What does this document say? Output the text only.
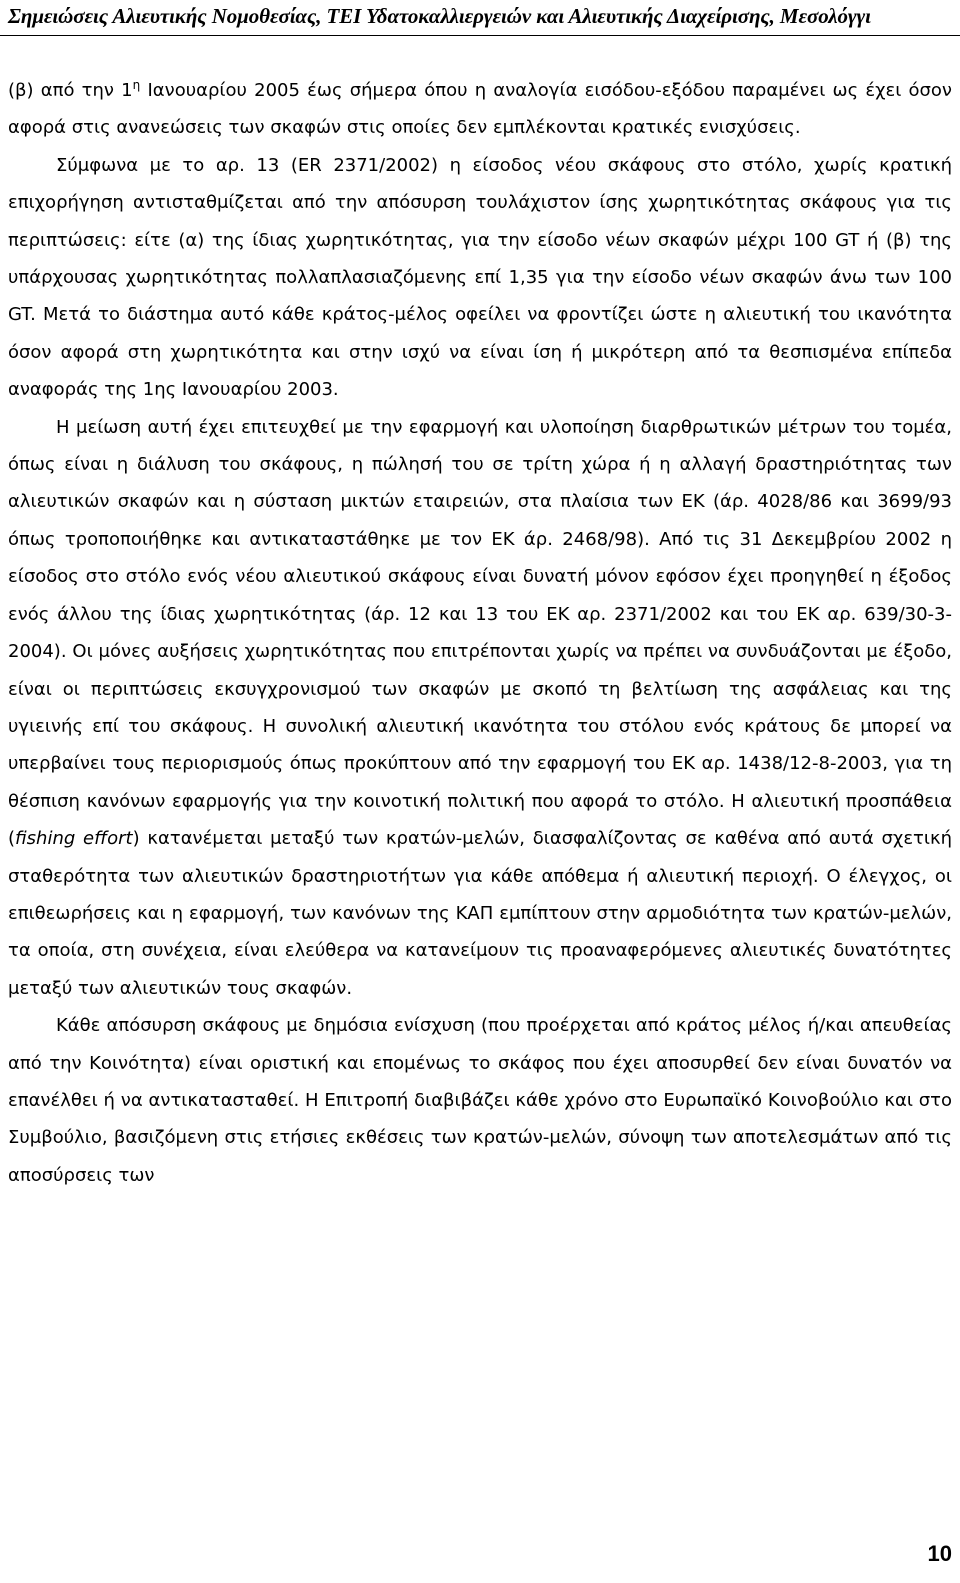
Σημειώσεις Αλιευτικής Νομοθεσίας, ΤΕΙ Υδατοκαλλιεργειών και Αλιευτικής Διαχείρισης, Μεσολόγγι

(β) από την $1^\eta$ Ιανουαρίου 2005 έως σήμερα όπου η αναλογία εισόδου-εξόδου παραμένει ως έχει όσον αφορά στις ανανεώσεις των σκαφών στις οποίες δεν εμπλέκονται κρατικές ενισχύσεις.

Σύμφωνα με το αρ. 13 (ER 2371/2002) η είσοδος νέου σκάφους στο στόλο, χωρίς κρατική επιχορήγηση αντισταθμίζεται από την απόσυρση τουλάχιστον ίσης χωρητικότητας σκάφους για τις περιπτώσεις: είτε (α) της ίδιας χωρητικότητας, για την είσοδο νέων σκαφών μέχρι 100 GT ή (β) της υπάρχουσας χωρητικότητας πολλαπλασιαζόμενης επί 1,35 για την είσοδο νέων σκαφών άνω των 100 GT. Μετά το διάστημα αυτό κάθε κράτος-μέλος οφείλει να φροντίζει ώστε η αλιευτική του ικανότητα όσον αφορά στη χωρητικότητα και στην ισχύ να είναι ίση ή μικρότερη από τα θεσπισμένα επίπεδα αναφοράς της 1ης Ιανουαρίου 2003.

Η μείωση αυτή έχει επιτευχθεί με την εφαρμογή και υλοποίηση διαρθρωτικών μέτρων του τομέα, όπως είναι η διάλυση του σκάφους, η πώλησή του σε τρίτη χώρα ή η αλλαγή δραστηριότητας των αλιευτικών σκαφών και η σύσταση μικτών εταιρειών, στα πλαίσια των ΕΚ (άρ. 4028/86 και 3699/93 όπως τροποποιήθηκε και αντικαταστάθηκε με τον ΕΚ άρ. 2468/98). Από τις 31 Δεκεμβρίου 2002 η είσοδος στο στόλο ενός νέου αλιευτικού σκάφους είναι δυνατή μόνον εφόσον έχει προηγηθεί η έξοδος ενός άλλου της ίδιας χωρητικότητας (άρ. 12 και 13 του ΕΚ αρ. 2371/2002 και του ΕΚ αρ. 639/30-3-2004). Οι μόνες αυξήσεις χωρητικότητας που επιτρέπονται χωρίς να πρέπει να συνδυάζονται με έξοδο, είναι οι περιπτώσεις εκσυγχρονισμού των σκαφών με σκοπό τη βελτίωση της ασφάλειας και της υγιεινής επί του σκάφους. Η συνολική αλιευτική ικανότητα του στόλου ενός κράτους δε μπορεί να υπερβαίνει τους περιορισμούς όπως προκύπτουν από την εφαρμογή του ΕΚ αρ. 1438/12-8-2003, για τη θέσπιση κανόνων εφαρμογής για την κοινοτική πολιτική που αφορά το στόλο. Η αλιευτική προσπάθεια (fishing effort) κατανέμεται μεταξύ των κρατών-μελών, διασφαλίζοντας σε καθένα από αυτά σχετική σταθερότητα των αλιευτικών δραστηριοτήτων για κάθε απόθεμα ή αλιευτική περιοχή. Ο έλεγχος, οι επιθεωρήσεις και η εφαρμογή, των κανόνων της ΚΑΠ εμπίπτουν στην αρμοδιότητα των κρατών-μελών, τα οποία, στη συνέχεια, είναι ελεύθερα να κατανείμουν τις προαναφερόμενες αλιευτικές δυνατότητες μεταξύ των αλιευτικών τους σκαφών.

Κάθε απόσυρση σκάφους με δημόσια ενίσχυση (που προέρχεται από κράτος μέλος ή/και απευθείας από την Κοινότητα) είναι οριστική και επομένως το σκάφος που έχει αποσυρθεί δεν είναι δυνατόν να επανέλθει ή να αντικατασταθεί. Η Επιτροπή διαβιβάζει κάθε χρόνο στο Ευρωπαϊκό Κοινοβούλιο και στο Συμβούλιο, βασιζόμενη στις ετήσιες εκθέσεις των κρατών-μελών, σύνοψη των αποτελεσμάτων από τις αποσύρσεις των

10
